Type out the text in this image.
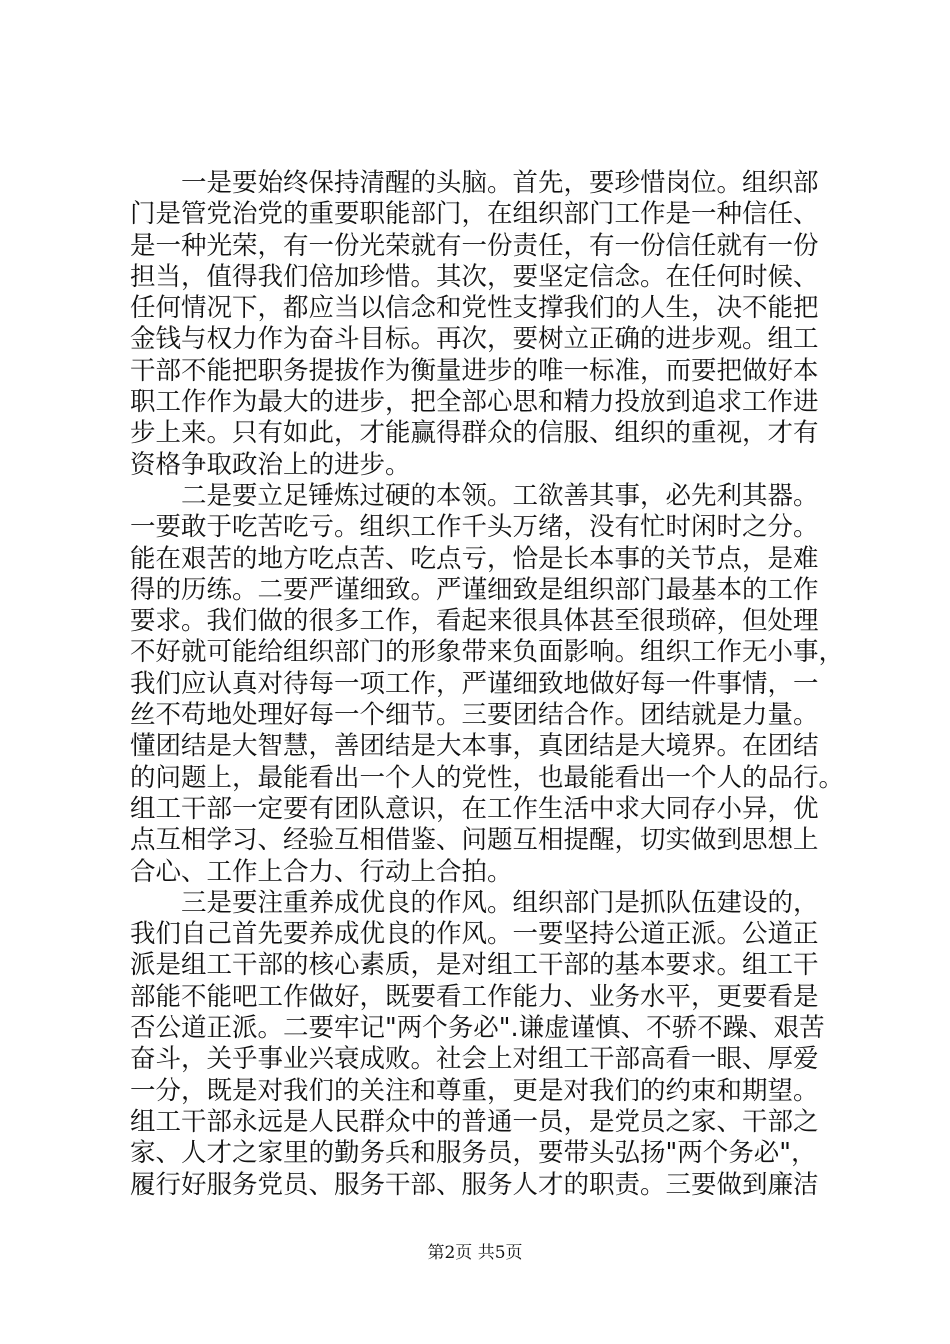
　　一是要始终保持清醒的头脑。首先，要珍惜岗位。组织部
门是管党治党的重要职能部门，在组织部门工作是一种信任、
是一种光荣，有一份光荣就有一份责任，有一份信任就有一份
担当，值得我们倍加珍惜。其次，要坚定信念。在任何时候、
任何情况下，都应当以信念和党性支撑我们的人生，决不能把
金钱与权力作为奋斗目标。再次，要树立正确的进步观。组工
干部不能把职务提拔作为衡量进步的唯一标准，而要把做好本
职工作作为最大的进步，把全部心思和精力投放到追求工作进
步上来。只有如此，才能赢得群众的信服、组织的重视，才有
资格争取政治上的进步。
　　二是要立足锤炼过硬的本领。工欲善其事，必先利其器。
一要敢于吃苦吃亏。组织工作千头万绪，没有忙时闲时之分。
能在艰苦的地方吃点苦、吃点亏，恰是长本事的关节点，是难
得的历练。二要严谨细致。严谨细致是组织部门最基本的工作
要求。我们做的很多工作，看起来很具体甚至很琐碎，但处理
不好就可能给组织部门的形象带来负面影响。组织工作无小事，
我们应认真对待每一项工作，严谨细致地做好每一件事情，一
丝不苟地处理好每一个细节。三要团结合作。团结就是力量。
懂团结是大智慧，善团结是大本事，真团结是大境界。在团结
的问题上，最能看出一个人的党性，也最能看出一个人的品行。
组工干部一定要有团队意识，在工作生活中求大同存小异，优
点互相学习、经验互相借鉴、问题互相提醒，切实做到思想上
合心、工作上合力、行动上合拍。
　　三是要注重养成优良的作风。组织部门是抓队伍建设的，
我们自己首先要养成优良的作风。一要坚持公道正派。公道正
派是组工干部的核心素质，是对组工干部的基本要求。组工干
部能不能吧工作做好，既要看工作能力、业务水平，更要看是
否公道正派。二要牢记"两个务必".谦虚谨慎、不骄不躁、艰苦
奋斗，关乎事业兴衰成败。社会上对组工干部高看一眼、厚爱
一分，既是对我们的关注和尊重，更是对我们的约束和期望。
组工干部永远是人民群众中的普通一员，是党员之家、干部之
家、人才之家里的勤务兵和服务员，要带头弘扬"两个务必"，
履行好服务党员、服务干部、服务人才的职责。三要做到廉洁
第2页 共5页
